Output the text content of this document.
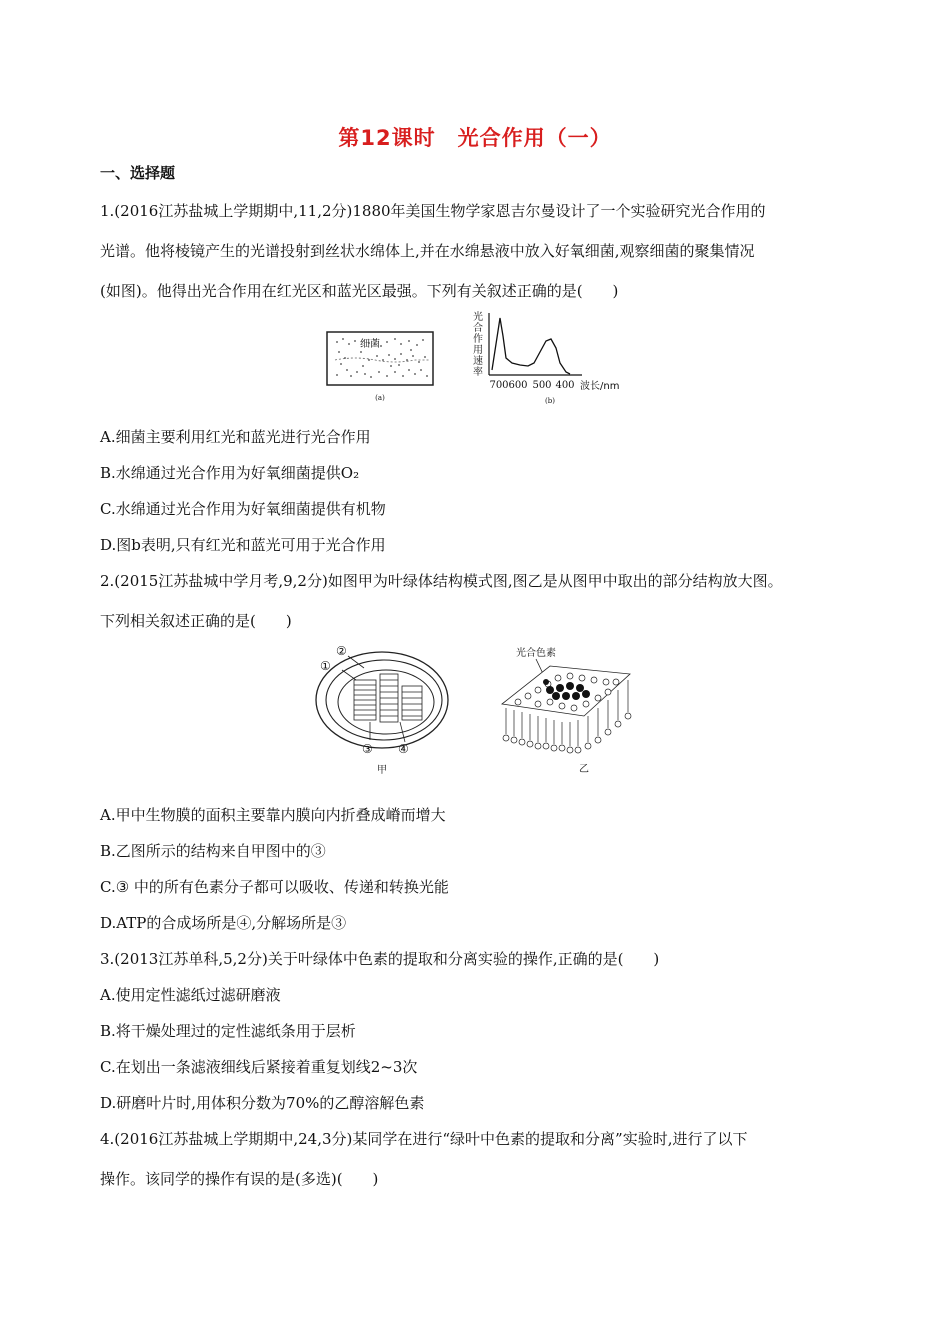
第12课时　光合作用（一）
一、选择题
1.(2016江苏盐城上学期期中,11,2分)1880年美国生物学家恩吉尔曼设计了一个实验研究光合作用的
光谱。他将棱镜产生的光谱投射到丝状水绵体上,并在水绵悬液中放入好氧细菌,观察细菌的聚集情况
(如图)。他得出光合作用在红光区和蓝光区最强。下列有关叙述正确的是(　　)
细菌
(a)
光
合
作
用
速
率
700 600 500 400 波长/nm
(b)
A.细菌主要利用红光和蓝光进行光合作用
B.水绵通过光合作用为好氧细菌提供O₂
C.水绵通过光合作用为好氧细菌提供有机物
D.图b表明,只有红光和蓝光可用于光合作用
2.(2015江苏盐城中学月考,9,2分)如图甲为叶绿体结构模式图,图乙是从图甲中取出的部分结构放大图。
下列相关叙述正确的是(　　)
①
②
③ ④
甲
光合色素
乙
A.甲中生物膜的面积主要靠内膜向内折叠成嵴而增大
B.乙图所示的结构来自甲图中的③
C.③ 中的所有色素分子都可以吸收、传递和转换光能
D.ATP的合成场所是④,分解场所是③
3.(2013江苏单科,5,2分)关于叶绿体中色素的提取和分离实验的操作,正确的是(　　)
A.使用定性滤纸过滤研磨液
B.将干燥处理过的定性滤纸条用于层析
C.在划出一条滤液细线后紧接着重复划线2~3次
D.研磨叶片时,用体积分数为70%的乙醇溶解色素
4.(2016江苏盐城上学期期中,24,3分)某同学在进行“绿叶中色素的提取和分离”实验时,进行了以下
操作。该同学的操作有误的是(多选)(　　)
